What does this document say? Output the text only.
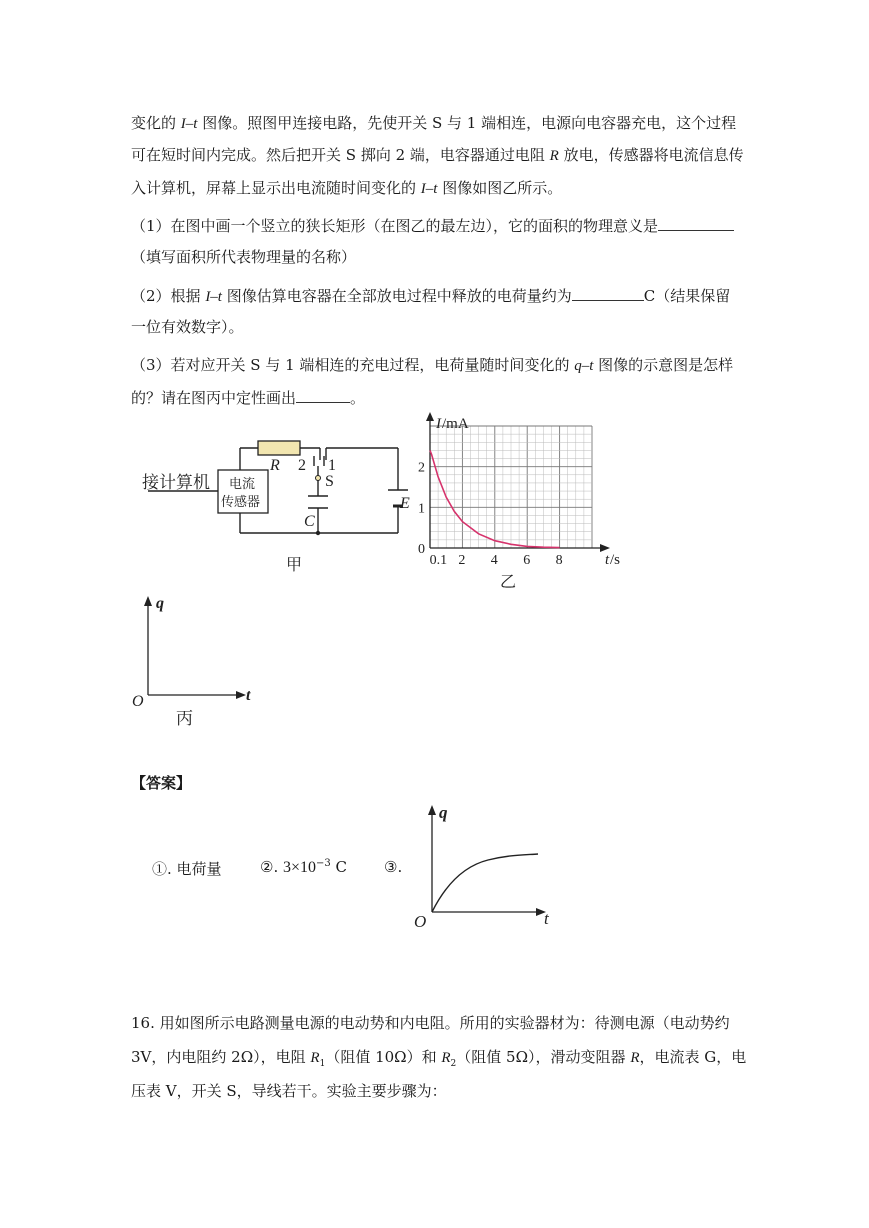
变化的 I–t 图像。照图甲连接电路，先使开关 S 与 1 端相连，电源向电容器充电，这个过程
可在短时间内完成。然后把开关 S 掷向 2 端，电容器通过电阻 R 放电，传感器将电流信息传
入计算机，屏幕上显示出电流随时间变化的 I–t 图像如图乙所示。
（1）在图中画一个竖立的狭长矩形（在图乙的最左边），它的面积的物理意义是
（填写面积所代表物理量的名称）
（2）根据 I–t 图像估算电容器在全部放电过程中释放的电荷量约为	C（结果保留
一位有效数字）。
（3）若对应开关 S 与 1 端相连的充电过程，电荷量随时间变化的 q–t 图像的示意图是怎样
的？请在图丙中定性画出	。
接计算机 电流
传感器
R 2 1
S
C
E
甲	0.1 2 4 6 8
0
1
2
I /mA
t /s
乙
q
t
O
丙
【答案】
①. 电荷量	②. $3\times 10^{-3}$ C ③.
q
t
O
16. 用如图所示电路测量电源的电动势和内电阻。所用的实验器材为：待测电源（电动势约
3V，内电阻约 2Ω），电阻 $R_1$（阻值 10Ω）和 $R_2$（阻值 5Ω），滑动变阻器 R，电流表 G，电
压表 V，开关 S，导线若干。实验主要步骤为：
